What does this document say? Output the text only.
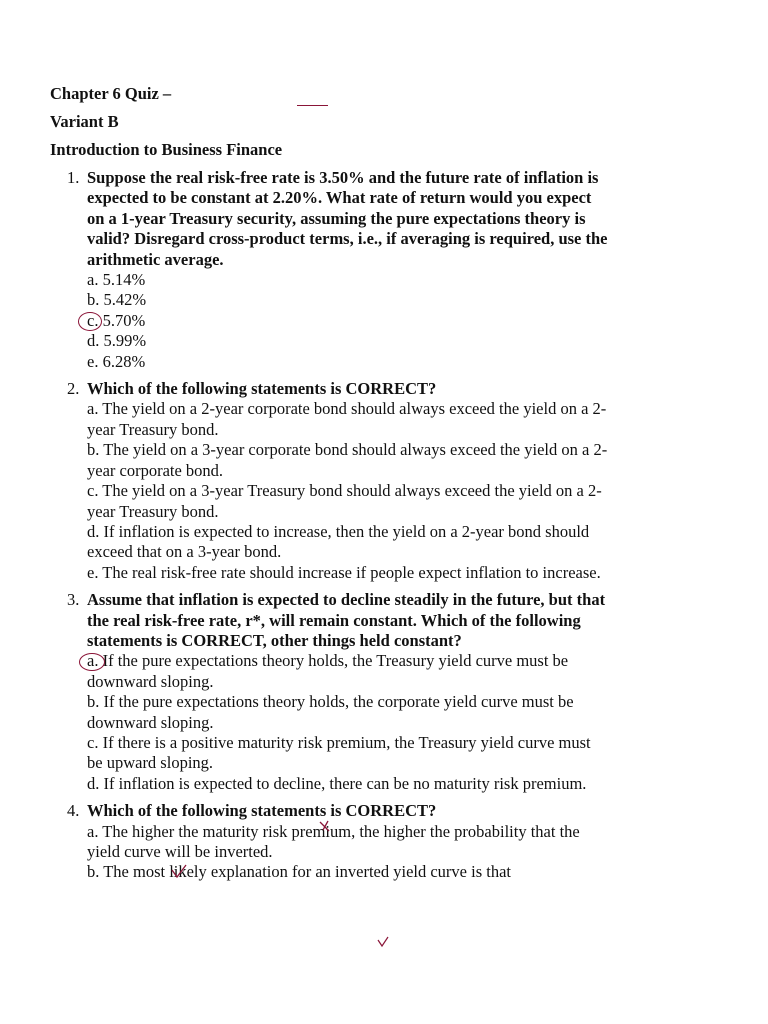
Chapter 6 Quiz –
Variant B
Introduction to Business Finance
1. Suppose the real risk-free rate is 3.50% and the future rate of inflation is expected to be constant at 2.20%. What rate of return would you expect on a 1-year Treasury security, assuming the pure expectations theory is valid? Disregard cross-product terms, i.e., if averaging is required, use the arithmetic average.
a. 5.14%
b. 5.42%
c. 5.70%
d. 5.99%
e. 6.28%
2. Which of the following statements is CORRECT?
a. The yield on a 2-year corporate bond should always exceed the yield on a 2-year Treasury bond.
b. The yield on a 3-year corporate bond should always exceed the yield on a 2-year corporate bond.
c. The yield on a 3-year Treasury bond should always exceed the yield on a 2-year Treasury bond.
d. If inflation is expected to increase, then the yield on a 2-year bond should exceed that on a 3-year bond.
e. The real risk-free rate should increase if people expect inflation to increase.
3. Assume that inflation is expected to decline steadily in the future, but that the real risk-free rate, r*, will remain constant. Which of the following statements is CORRECT, other things held constant?
a. If the pure expectations theory holds, the Treasury yield curve must be downward sloping.
b. If the pure expectations theory holds, the corporate yield curve must be downward sloping.
c. If there is a positive maturity risk premium, the Treasury yield curve must be upward sloping.
d. If inflation is expected to decline, there can be no maturity risk premium.
4. Which of the following statements is CORRECT?
a. The higher the maturity risk premium, the higher the probability that the yield curve will be inverted.
b. The most likely explanation for an inverted yield curve is that
